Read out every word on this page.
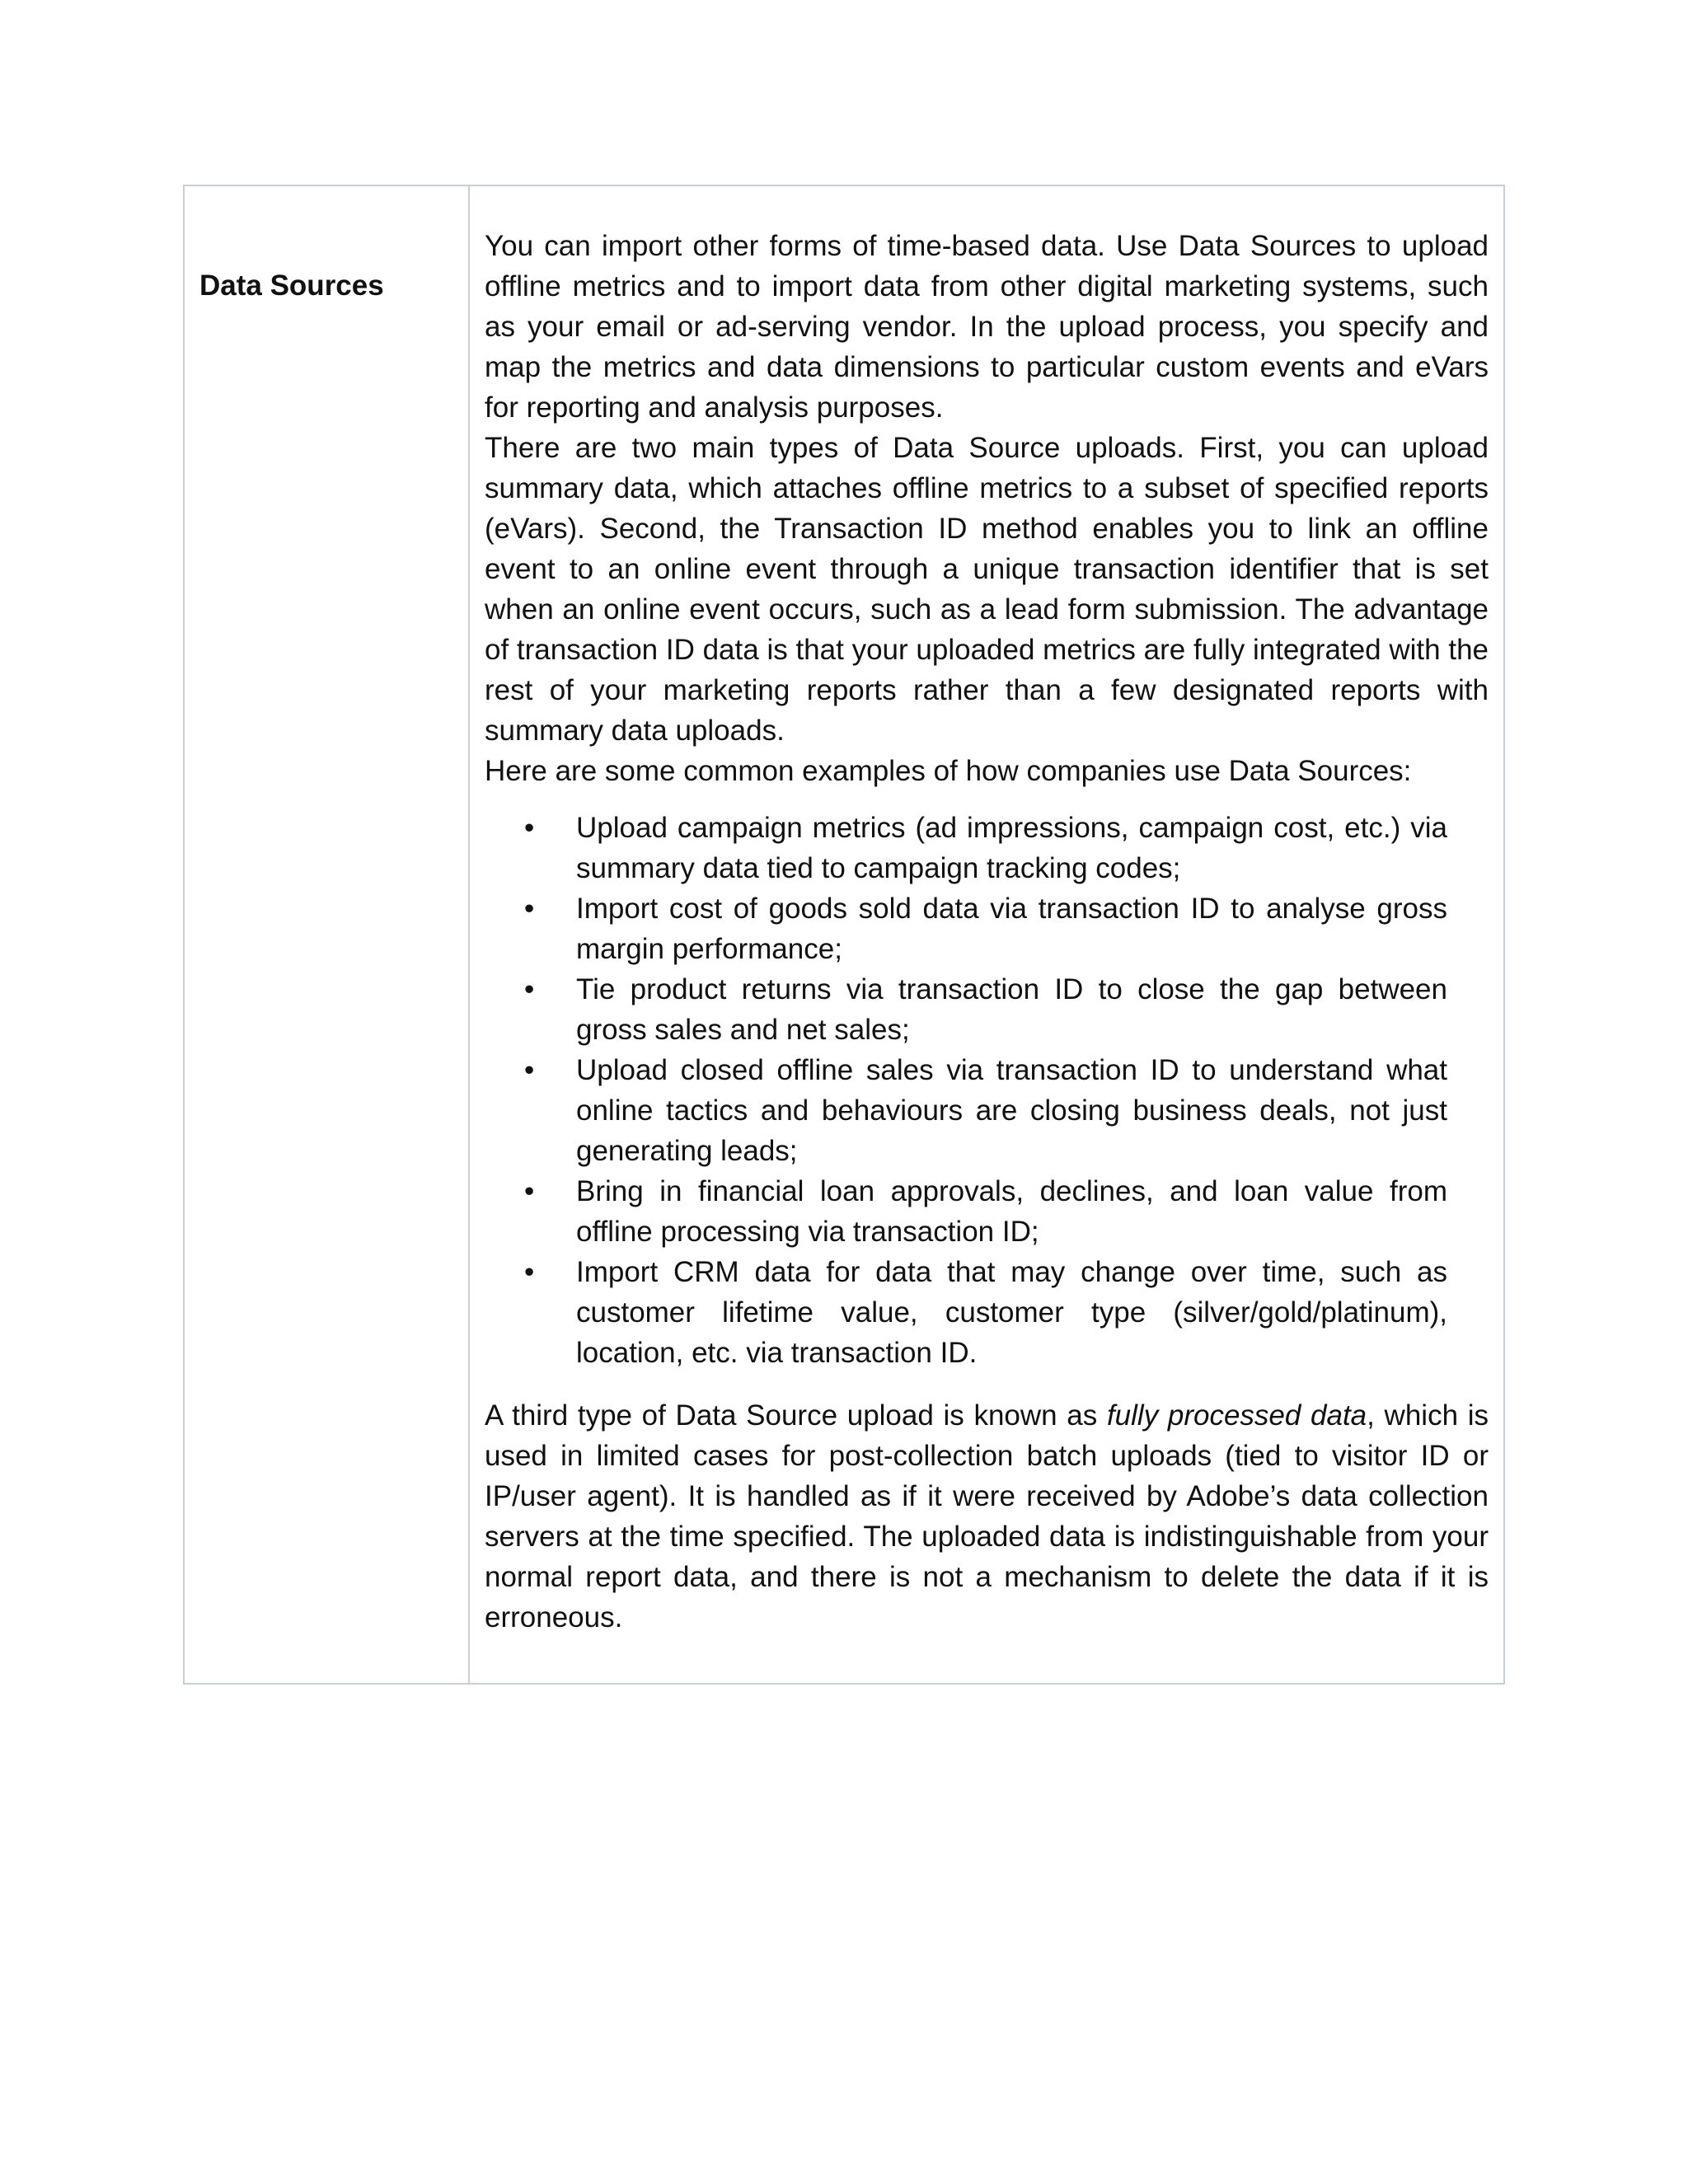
Data Sources

You can import other forms of time-based data. Use Data Sources to upload offline metrics and to import data from other digital marketing systems, such as your email or ad-serving vendor. In the upload process, you specify and map the metrics and data dimensions to particular custom events and eVars for reporting and analysis purposes.

There are two main types of Data Source uploads. First, you can upload summary data, which attaches offline metrics to a subset of specified reports (eVars). Second, the Transaction ID method enables you to link an offline event to an online event through a unique transaction identifier that is set when an online event occurs, such as a lead form submission. The advantage of transaction ID data is that your uploaded metrics are fully integrated with the rest of your marketing reports rather than a few designated reports with summary data uploads.

Here are some common examples of how companies use Data Sources:

• Upload campaign metrics (ad impressions, campaign cost, etc.) via summary data tied to campaign tracking codes;
• Import cost of goods sold data via transaction ID to analyse gross margin performance;
• Tie product returns via transaction ID to close the gap between gross sales and net sales;
• Upload closed offline sales via transaction ID to understand what online tactics and behaviours are closing business deals, not just generating leads;
• Bring in financial loan approvals, declines, and loan value from offline processing via transaction ID;
• Import CRM data for data that may change over time, such as customer lifetime value, customer type (silver/gold/platinum), location, etc. via transaction ID.

A third type of Data Source upload is known as fully processed data, which is used in limited cases for post-collection batch uploads (tied to visitor ID or IP/user agent). It is handled as if it were received by Adobe’s data collection servers at the time specified. The uploaded data is indistinguishable from your normal report data, and there is not a mechanism to delete the data if it is erroneous.
